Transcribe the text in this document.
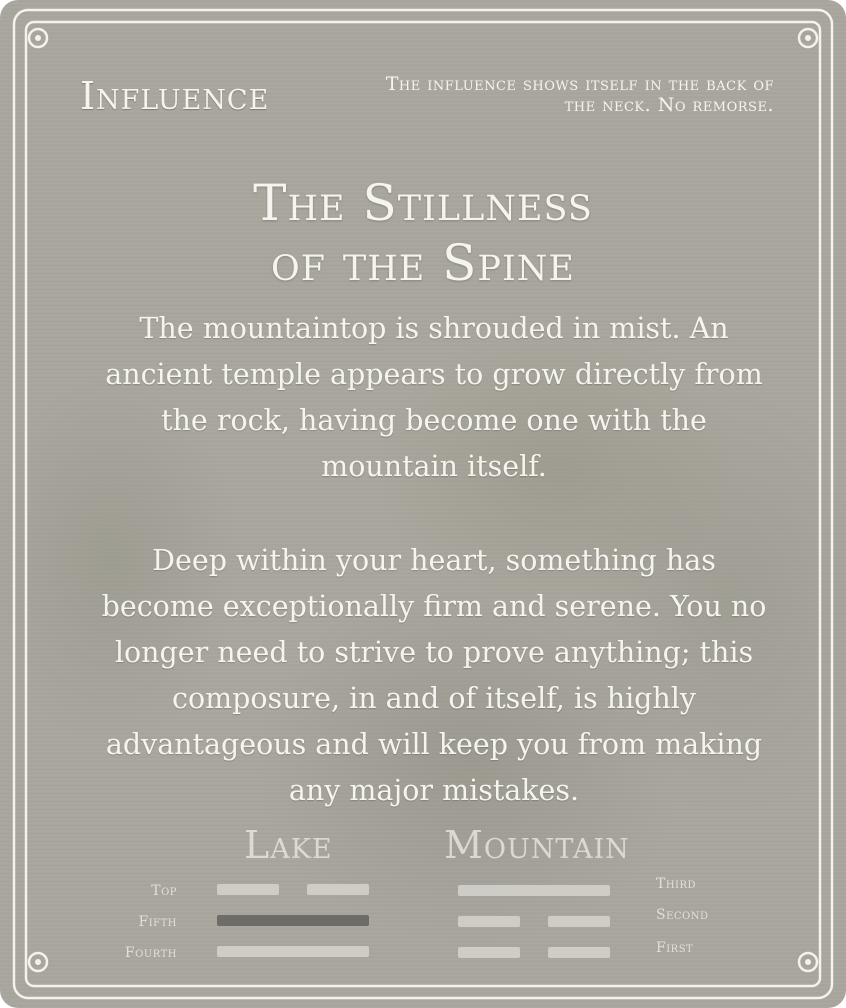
Influence	The influence shows itself in the back of the neck. No remorse.
The Stillness
of the Spine
The mountaintop is shrouded in mist. An ancient temple appears to grow directly from the rock, having become one with the mountain itself.
Deep within your heart, something has become exceptionally firm and serene. You no longer need to strive to prove anything; this composure, in and of itself, is highly advantageous and will keep you from making any major mistakes.
Lake	Mountain
Top
Fifth
Fourth
Third
Second
First
